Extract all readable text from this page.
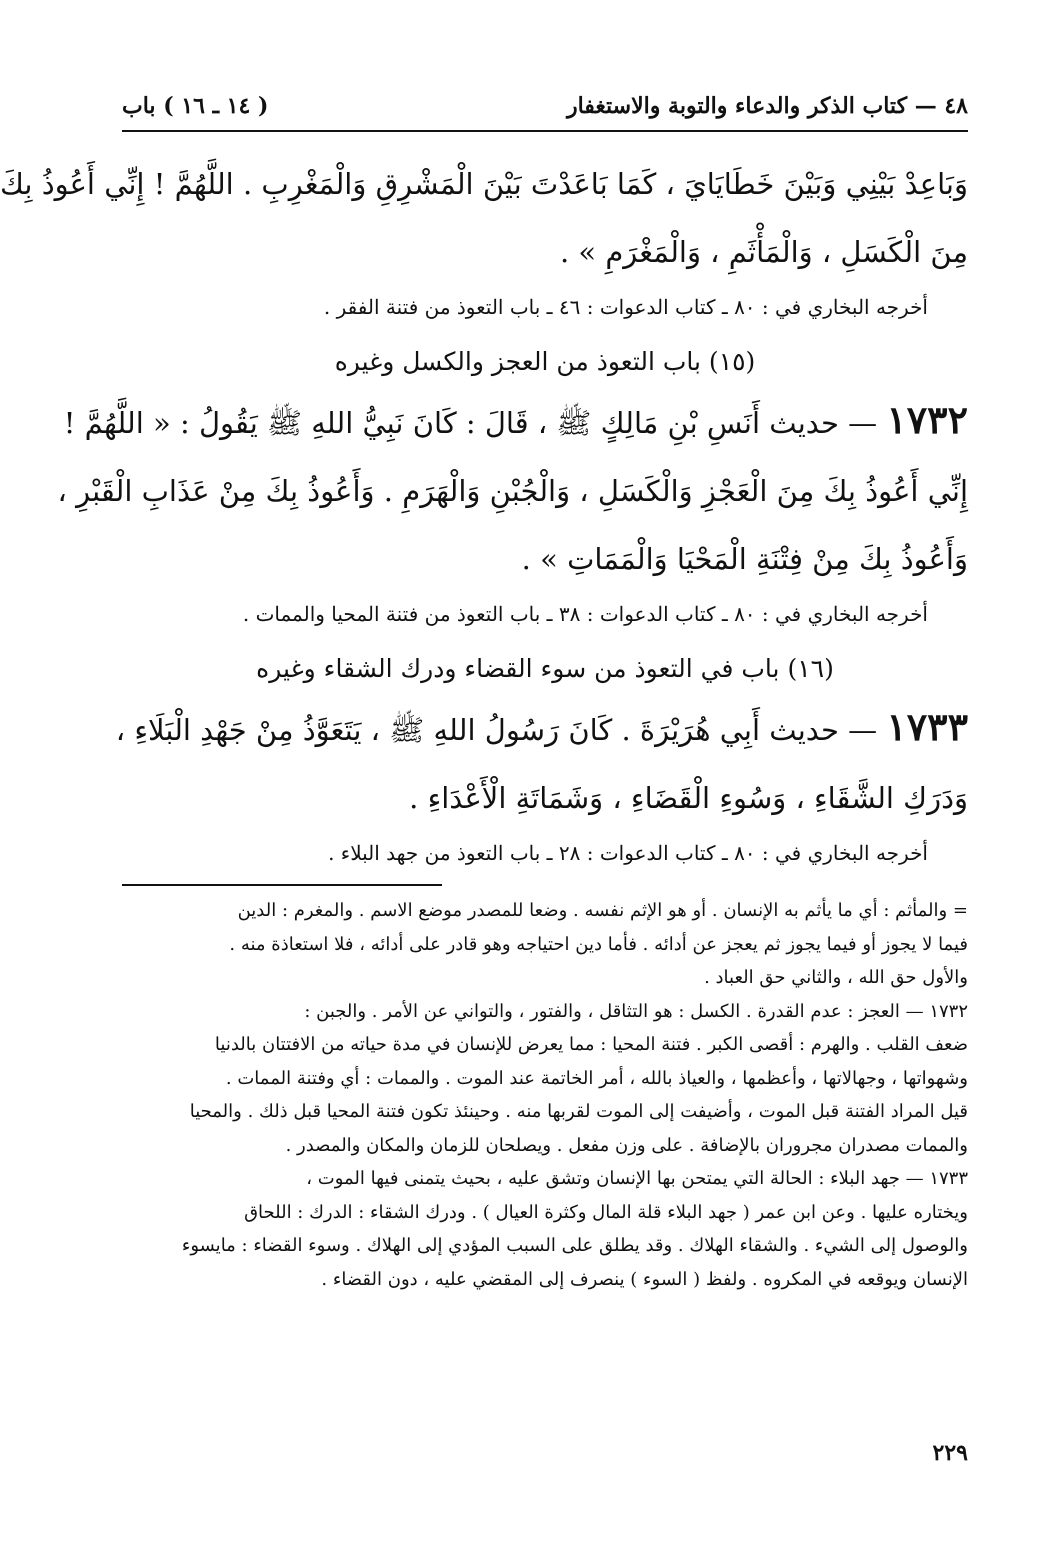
٤٨ — كتاب الذكر والدعاء والتوبة والاستغفار
( ١٤ ـ ١٦ ) باب

وَبَاعِدْ بَيْنِي وَبَيْنَ خَطَايَايَ ، كَمَا بَاعَدْتَ بَيْنَ الْمَشْرِقِ وَالْمَغْرِبِ . اللَّهُمَّ ! إِنِّي أَعُوذُ بِكَ

مِنَ الْكَسَلِ ، وَالْمَأْثَمِ ، وَالْمَغْرَمِ » .

أخرجه البخاري في : ٨٠ ـ كتاب الدعوات : ٤٦ ـ باب التعوذ من فتنة الفقر .

(١٥) باب التعوذ من العجز والكسل وغيره

١٧٣٢ — حديث أَنَسِ بْنِ مَالِكٍ ﷺ ، قَالَ : كَانَ نَبِيُّ اللهِ ﷺ يَقُولُ : « اللَّهُمَّ !

إِنِّي أَعُوذُ بِكَ مِنَ الْعَجْزِ وَالْكَسَلِ ، وَالْجُبْنِ وَالْهَرَمِ . وَأَعُوذُ بِكَ مِنْ عَذَابِ الْقَبْرِ ،

وَأَعُوذُ بِكَ مِنْ فِتْنَةِ الْمَحْيَا وَالْمَمَاتِ » .

أخرجه البخاري في : ٨٠ ـ كتاب الدعوات : ٣٨ ـ باب التعوذ من فتنة المحيا والممات .

(١٦) باب في التعوذ من سوء القضاء ودرك الشقاء وغيره

١٧٣٣ — حديث أَبِي هُرَيْرَةَ . كَانَ رَسُولُ اللهِ ﷺ ، يَتَعَوَّذُ مِنْ جَهْدِ الْبَلَاءِ ،

وَدَرَكِ الشَّقَاءِ ، وَسُوءِ الْقَضَاءِ ، وَشَمَاتَةِ الْأَعْدَاءِ .

أخرجه البخاري في : ٨٠ ـ كتاب الدعوات : ٢٨ ـ باب التعوذ من جهد البلاء .

= والمأثم : أي ما يأثم به الإنسان . أو هو الإثم نفسه . وضعا للمصدر موضع الاسم . والمغرم : الدين

فيما لا يجوز أو فيما يجوز ثم يعجز عن أدائه . فأما دين احتياجه وهو قادر على أدائه ، فلا استعاذة منه .

والأول حق الله ، والثاني حق العباد .

١٧٣٢ — العجز : عدم القدرة . الكسل : هو التثاقل ، والفتور ، والتواني عن الأمر . والجبن :

ضعف القلب . والهرم : أقصى الكبر . فتنة المحيا : مما يعرض للإنسان في مدة حياته من الافتتان بالدنيا

وشهواتها ، وجهالاتها ، وأعظمها ، والعياذ بالله ، أمر الخاتمة عند الموت . والممات : أي وفتنة الممات .

قيل المراد الفتنة قبل الموت ، وأضيفت إلى الموت لقربها منه . وحينئذ تكون فتنة المحيا قبل ذلك . والمحيا

والممات مصدران مجروران بالإضافة . على وزن مفعل . ويصلحان للزمان والمكان والمصدر .

١٧٣٣ — جهد البلاء : الحالة التي يمتحن بها الإنسان وتشق عليه ، بحيث يتمنى فيها الموت ،

ويختاره عليها . وعن ابن عمر ( جهد البلاء قلة المال وكثرة العيال ) . ودرك الشقاء : الدرك : اللحاق

والوصول إلى الشيء . والشقاء الهلاك . وقد يطلق على السبب المؤدي إلى الهلاك . وسوء القضاء : مايسوء

الإنسان ويوقعه في المكروه . ولفظ ( السوء ) ينصرف إلى المقضي عليه ، دون القضاء .

٢٢٩
